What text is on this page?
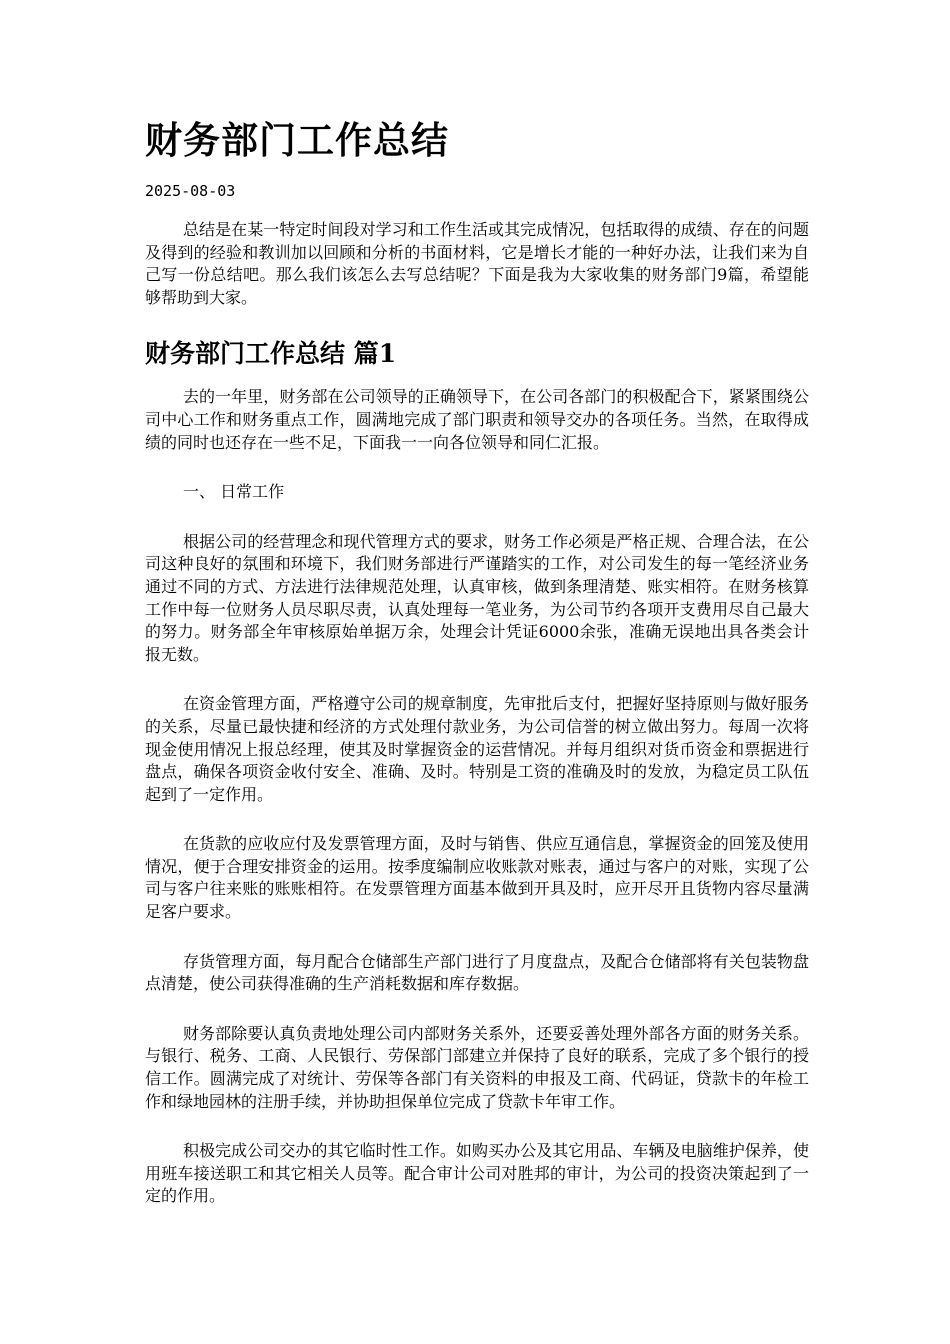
财务部门工作总结
2025-08-03

总结是在某一特定时间段对学习和工作生活或其完成情况，包括取得的成绩、存在的问题及得到的经验和教训加以回顾和分析的书面材料，它是增长才能的一种好办法，让我们来为自己写一份总结吧。那么我们该怎么去写总结呢？下面是我为大家收集的财务部门9篇，希望能够帮助到大家。

财务部门工作总结 篇1

去的一年里，财务部在公司领导的正确领导下，在公司各部门的积极配合下，紧紧围绕公司中心工作和财务重点工作，圆满地完成了部门职责和领导交办的各项任务。当然，在取得成绩的同时也还存在一些不足，下面我一一向各位领导和同仁汇报。

一、 日常工作

根据公司的经营理念和现代管理方式的要求，财务工作必须是严格正规、合理合法，在公司这种良好的氛围和环境下，我们财务部进行严谨踏实的工作，对公司发生的每一笔经济业务通过不同的方式、方法进行法律规范处理，认真审核，做到条理清楚、账实相符。在财务核算工作中每一位财务人员尽职尽责，认真处理每一笔业务，为公司节约各项开支费用尽自己最大的努力。财务部全年审核原始单据万余，处理会计凭证6000余张，准确无误地出具各类会计报无数。

在资金管理方面，严格遵守公司的规章制度，先审批后支付，把握好坚持原则与做好服务的关系，尽量已最快捷和经济的方式处理付款业务，为公司信誉的树立做出努力。每周一次将现金使用情况上报总经理，使其及时掌握资金的运营情况。并每月组织对货币资金和票据进行盘点，确保各项资金收付安全、准确、及时。特别是工资的准确及时的发放，为稳定员工队伍起到了一定作用。

在货款的应收应付及发票管理方面，及时与销售、供应互通信息，掌握资金的回笼及使用情况，便于合理安排资金的运用。按季度编制应收账款对账表，通过与客户的对账，实现了公司与客户往来账的账账相符。在发票管理方面基本做到开具及时，应开尽开且货物内容尽量满足客户要求。

存货管理方面，每月配合仓储部生产部门进行了月度盘点，及配合仓储部将有关包装物盘点清楚，使公司获得准确的生产消耗数据和库存数据。

财务部除要认真负责地处理公司内部财务关系外，还要妥善处理外部各方面的财务关系。与银行、税务、工商、人民银行、劳保部门部建立并保持了良好的联系，完成了多个银行的授信工作。圆满完成了对统计、劳保等各部门有关资料的申报及工商、代码证，贷款卡的年检工作和绿地园林的注册手续，并协助担保单位完成了贷款卡年审工作。

积极完成公司交办的其它临时性工作。如购买办公及其它用品、车辆及电脑维护保养，使用班车接送职工和其它相关人员等。配合审计公司对胜邦的审计，为公司的投资决策起到了一定的作用。
